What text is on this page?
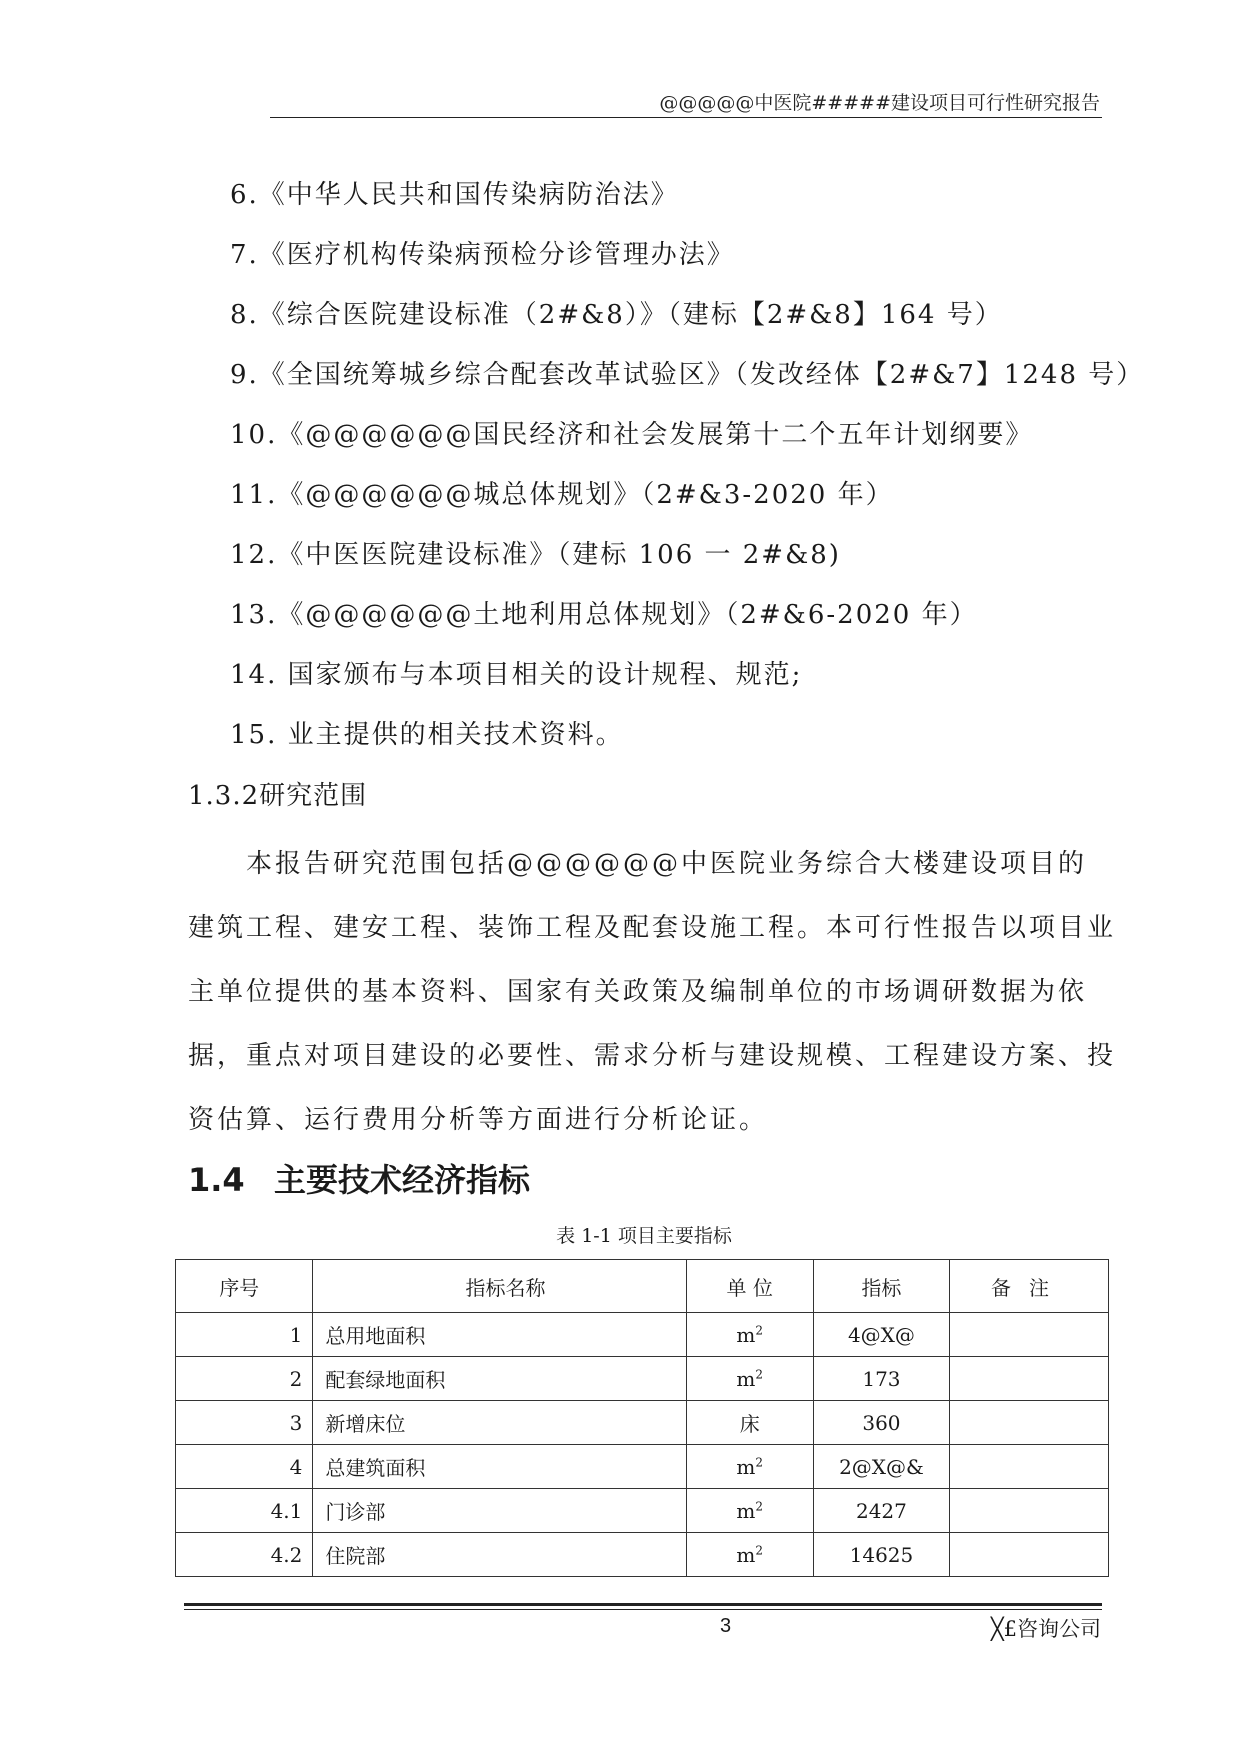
@@@@@中医院#####建设项目可行性研究报告
6.《中华人民共和国传染病防治法》
7.《医疗机构传染病预检分诊管理办法》
8.《综合医院建设标准（2#&8）》（建标【2#&8】164 号）
9.《全国统筹城乡综合配套改革试验区》（发改经体【2#&7】1248 号）
10.《@@@@@@国民经济和社会发展第十二个五年计划纲要》
11.《@@@@@@城总体规划》（2#&3-2020 年）
12.《中医医院建设标准》（建标 106 一 2#&8)
13.《@@@@@@土地利用总体规划》（2#&6-2020 年）
14. 国家颁布与本项目相关的设计规程、规范;
15. 业主提供的相关技术资料。
1.3.2研究范围
本报告研究范围包括@@@@@@中医院业务综合大楼建设项目的
建筑工程、建安工程、装饰工程及配套设施工程。本可行性报告以项目业
主单位提供的基本资料、国家有关政策及编制单位的市场调研数据为依
据，重点对项目建设的必要性、需求分析与建设规模、工程建设方案、投
资估算、运行费用分析等方面进行分析论证。
1.4 主要技术经济指标
表 1-1 项目主要指标
序号	指标名称	单 位	指标	备注
1	总用地面积	$m^2$	4@X@	
2	配套绿地面积	$m^2$	173	
3	新增床位	床	360	
4	总建筑面积	$m^2$	2@X@&	
4.1	门诊部	$m^2$	2427	
4.2	住院部	$m^2$	14625	
3	╳£咨询公司
